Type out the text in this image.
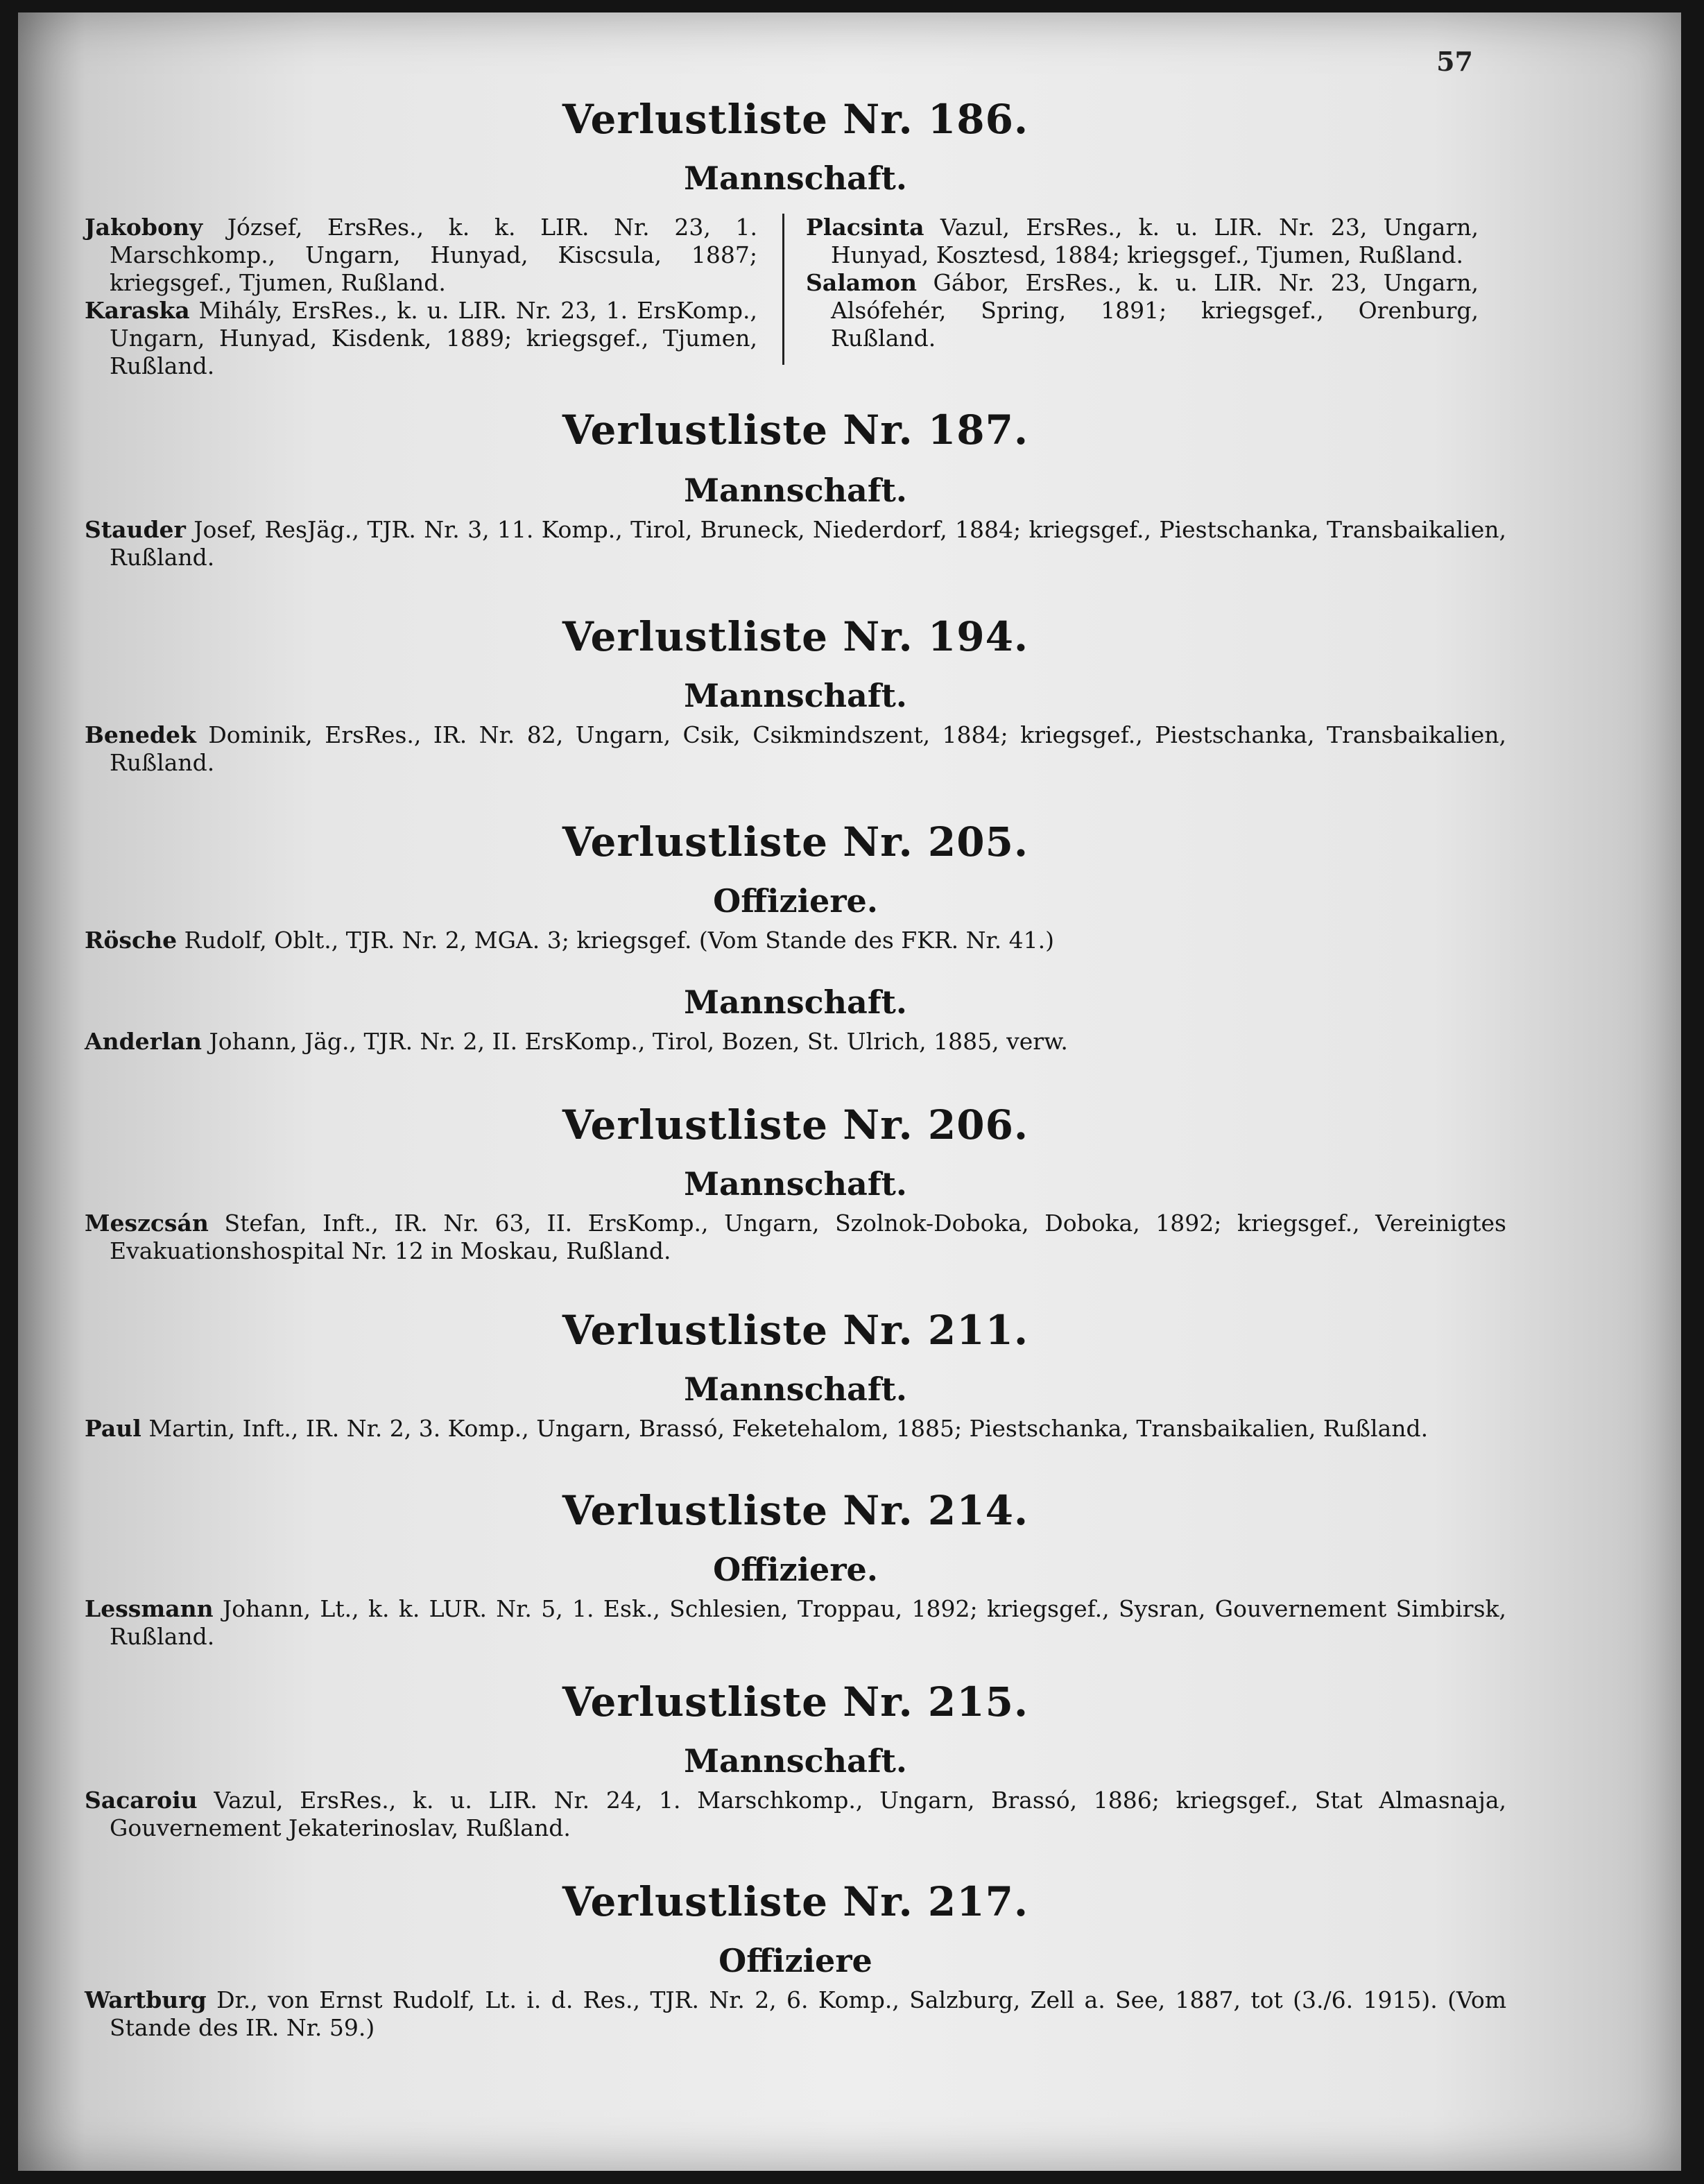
57
Verlustliste Nr. 186.
Mannschaft.
Jakobony József, ErsRes., k. k. LIR. Nr. 23, 1. Marschkomp., Ungarn, Hunyad, Kiscsula, 1887; kriegsgef., Tjumen, Rußland.
Karaska Mihály, ErsRes., k. u. LIR. Nr. 23, 1. ErsKomp., Ungarn, Hunyad, Kisdenk, 1889; kriegsgef., Tjumen, Rußland.
Placsinta Vazul, ErsRes., k. u. LIR. Nr. 23, Ungarn, Hunyad, Kosztesd, 1884; kriegsgef., Tjumen, Rußland.
Salamon Gábor, ErsRes., k. u. LIR. Nr. 23, Ungarn, Alsófehér, Spring, 1891; kriegsgef., Orenburg, Rußland.
Verlustliste Nr. 187.
Mannschaft.
Stauder Josef, ResJäg., TJR. Nr. 3, 11. Komp., Tirol, Bruneck, Niederdorf, 1884; kriegsgef., Piestschanka, Transbaikalien, Rußland.
Verlustliste Nr. 194.
Mannschaft.
Benedek Dominik, ErsRes., IR. Nr. 82, Ungarn, Csik, Csikmindszent, 1884; kriegsgef., Piestschanka, Transbaikalien, Rußland.
Verlustliste Nr. 205.
Offiziere.
Rösche Rudolf, Oblt., TJR. Nr. 2, MGA. 3; kriegsgef. (Vom Stande des FKR. Nr. 41.)
Mannschaft.
Anderlan Johann, Jäg., TJR. Nr. 2, II. ErsKomp., Tirol, Bozen, St. Ulrich, 1885, verw.
Verlustliste Nr. 206.
Mannschaft.
Meszcsán Stefan, Inft., IR. Nr. 63, II. ErsKomp., Ungarn, Szolnok-Doboka, Doboka, 1892; kriegsgef., Vereinigtes Evakuationshospital Nr. 12 in Moskau, Rußland.
Verlustliste Nr. 211.
Mannschaft.
Paul Martin, Inft., IR. Nr. 2, 3. Komp., Ungarn, Brassó, Feketehalom, 1885; Piestschanka, Transbaikalien, Rußland.
Verlustliste Nr. 214.
Offiziere.
Lessmann Johann, Lt., k. k. LUR. Nr. 5, 1. Esk., Schlesien, Troppau, 1892; kriegsgef., Sysran, Gouvernement Simbirsk, Rußland.
Verlustliste Nr. 215.
Mannschaft.
Sacaroiu Vazul, ErsRes., k. u. LIR. Nr. 24, 1. Marschkomp., Ungarn, Brassó, 1886; kriegsgef., Stat Almasnaja, Gouvernement Jekaterinoslav, Rußland.
Verlustliste Nr. 217.
Offiziere
Wartburg Dr., von Ernst Rudolf, Lt. i. d. Res., TJR. Nr. 2, 6. Komp., Salzburg, Zell a. See, 1887, tot (3./6. 1915). (Vom Stande des IR. Nr. 59.)
